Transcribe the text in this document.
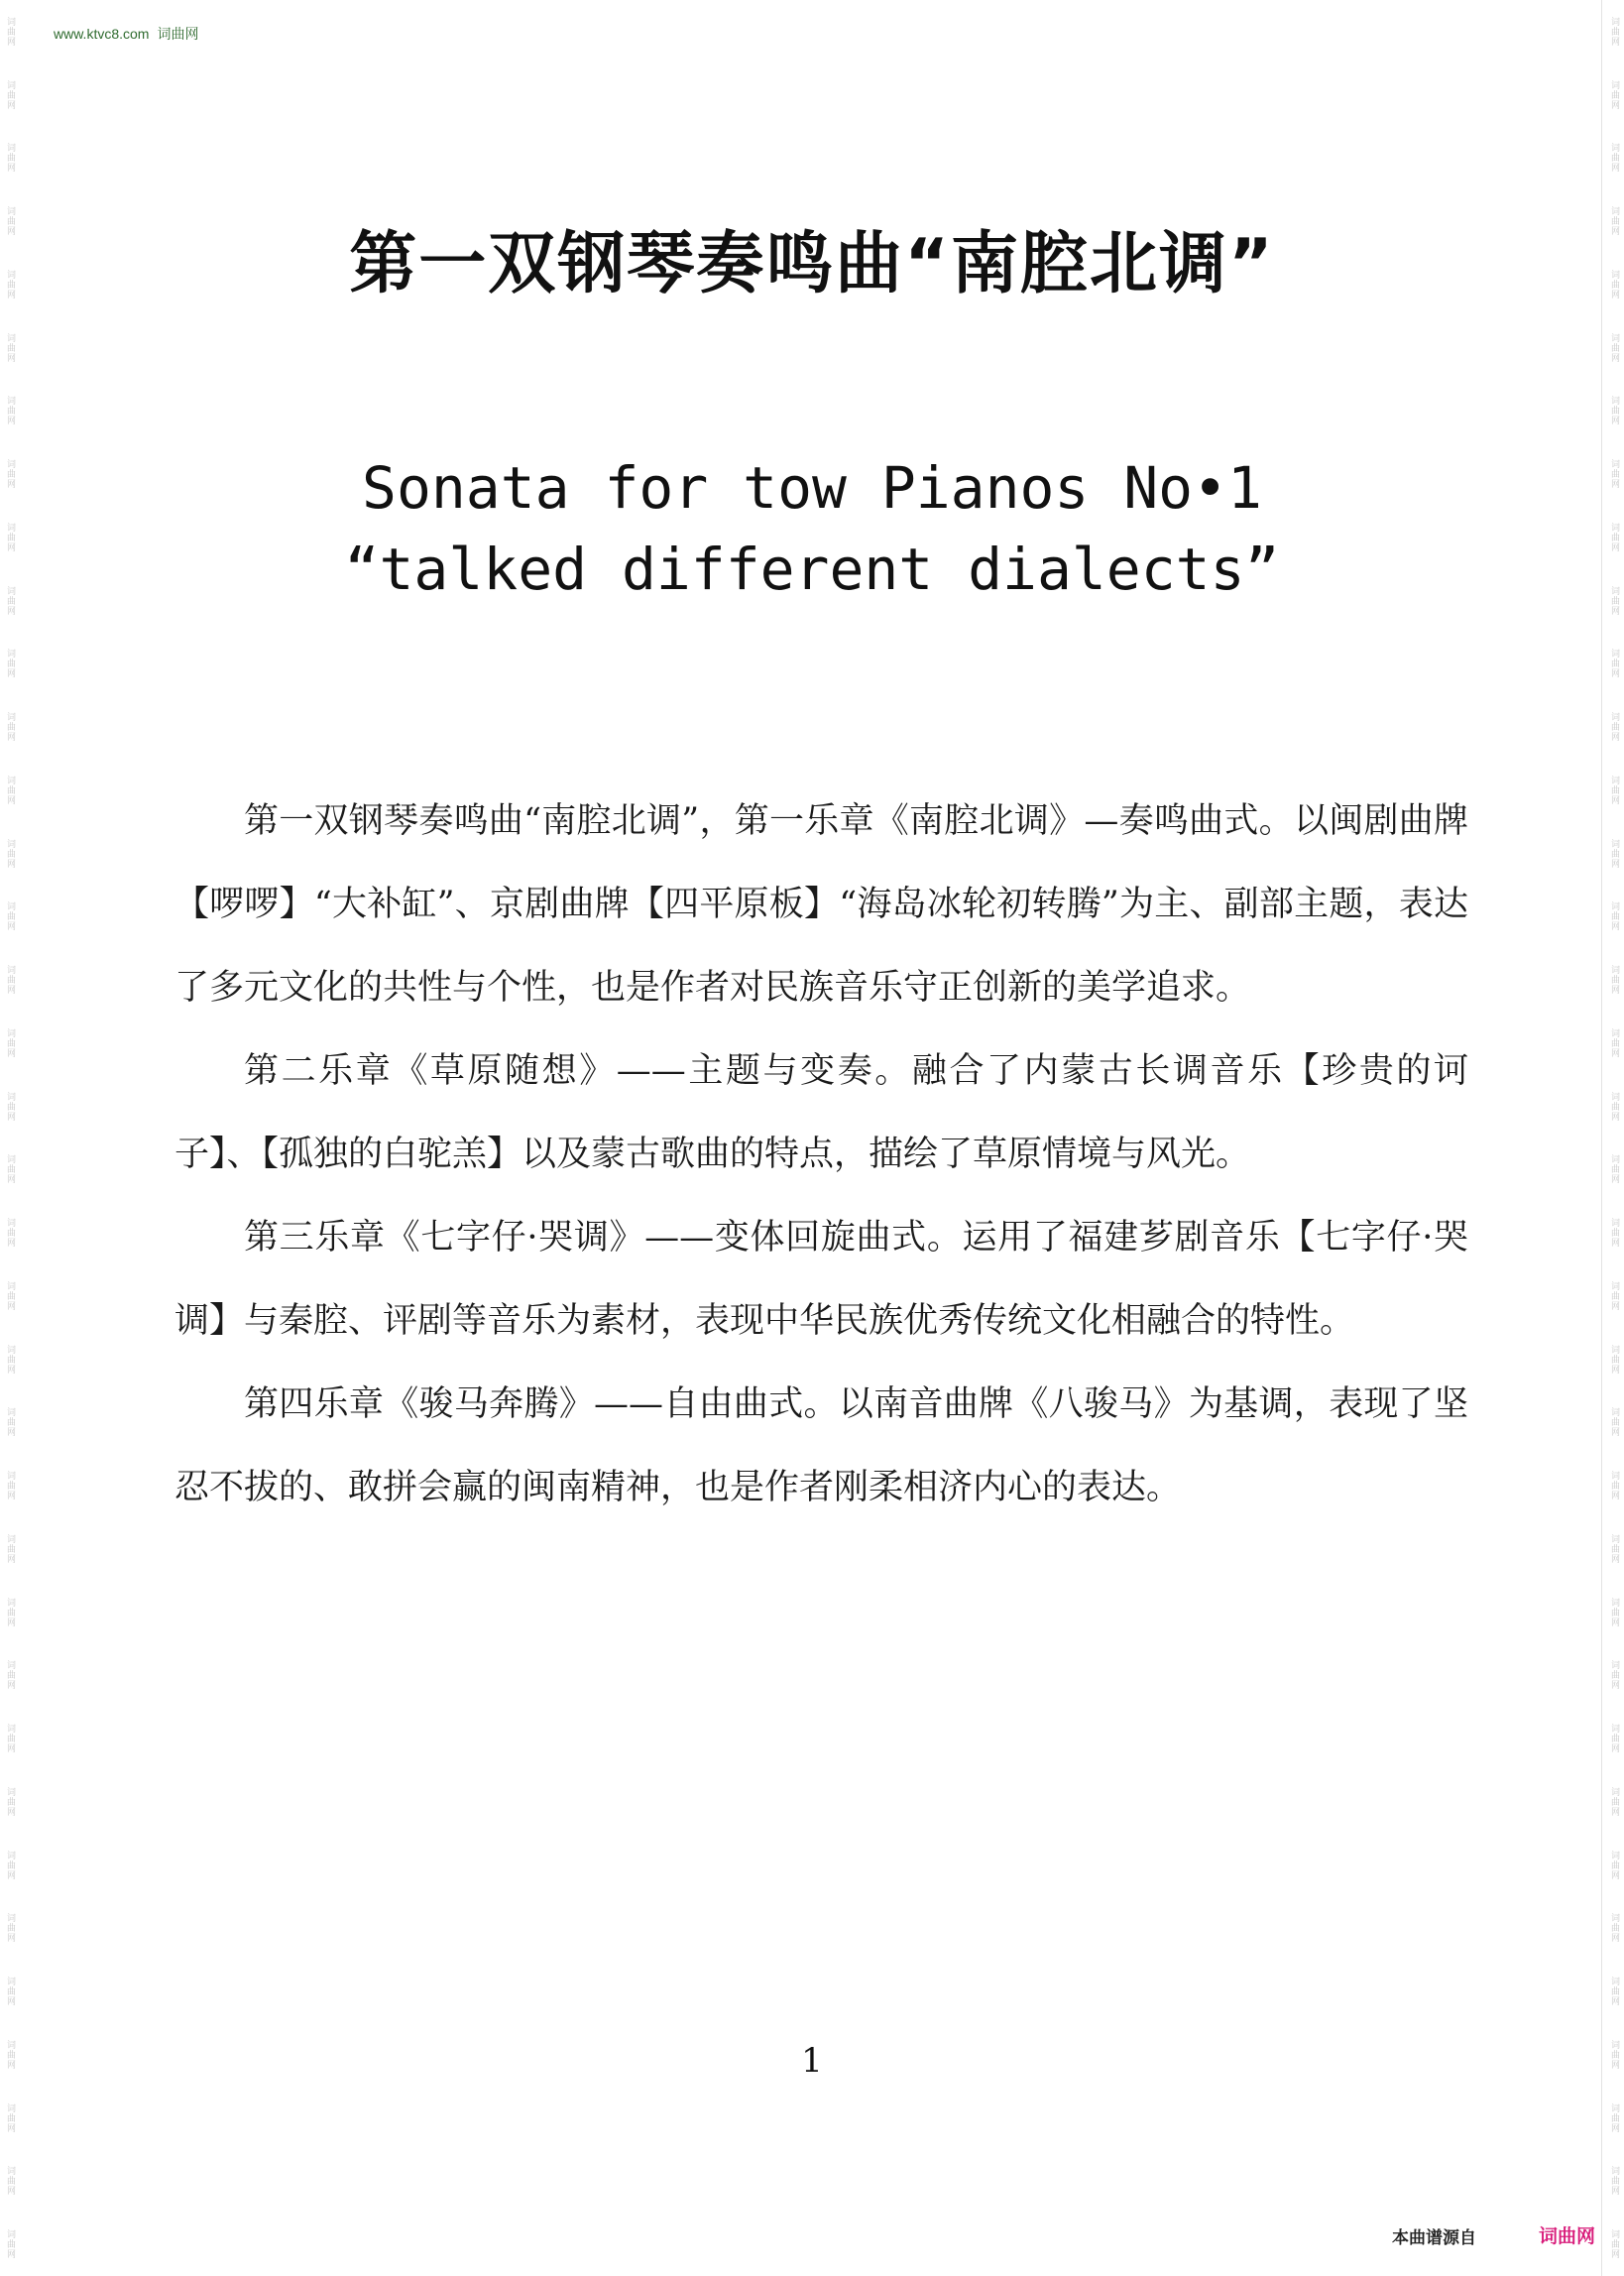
www.ktvc8.com 词曲网
词曲网
词曲网
词曲网
词曲网
词曲网
词曲网
词曲网
词曲网
词曲网
词曲网
词曲网
词曲网
词曲网
词曲网
词曲网
词曲网
词曲网
词曲网
词曲网
词曲网
词曲网
词曲网
词曲网
词曲网
词曲网
词曲网
词曲网
词曲网
词曲网
词曲网
词曲网
词曲网
词曲网
词曲网
词曲网
词曲网
词曲网
词曲网
词曲网
词曲网
词曲网
词曲网
词曲网
词曲网
词曲网
词曲网
词曲网
词曲网
词曲网
词曲网
词曲网
词曲网
词曲网
词曲网
词曲网
词曲网
词曲网
词曲网
词曲网
词曲网
词曲网
词曲网
词曲网
词曲网
词曲网
词曲网
词曲网
词曲网
词曲网
词曲网
词曲网
词曲网
第一双钢琴奏鸣曲“南腔北调”
Sonata for tow Pianos No•1
“talked different dialects”

第一双钢琴奏鸣曲“南腔北调”，第一乐章《南腔北调》—奏鸣曲式。以闽剧曲牌【啰啰】“大补缸”、京剧曲牌【四平原板】“海岛冰轮初转腾”为主、副部主题，表达了多元文化的共性与个性，也是作者对民族音乐守正创新的美学追求。

第二乐章《草原随想》——主题与变奏。融合了内蒙古长调音乐【珍贵的诃子】、【孤独的白驼羔】以及蒙古歌曲的特点，描绘了草原情境与风光。

第三乐章《七字仔·哭调》——变体回旋曲式。运用了福建芗剧音乐【七字仔·哭调】与秦腔、评剧等音乐为素材，表现中华民族优秀传统文化相融合的特性。

第四乐章《骏马奔腾》——自由曲式。以南音曲牌《八骏马》为基调，表现了坚忍不拔的、敢拼会赢的闽南精神，也是作者刚柔相济内心的表达。

1
本曲谱源自	词曲网
